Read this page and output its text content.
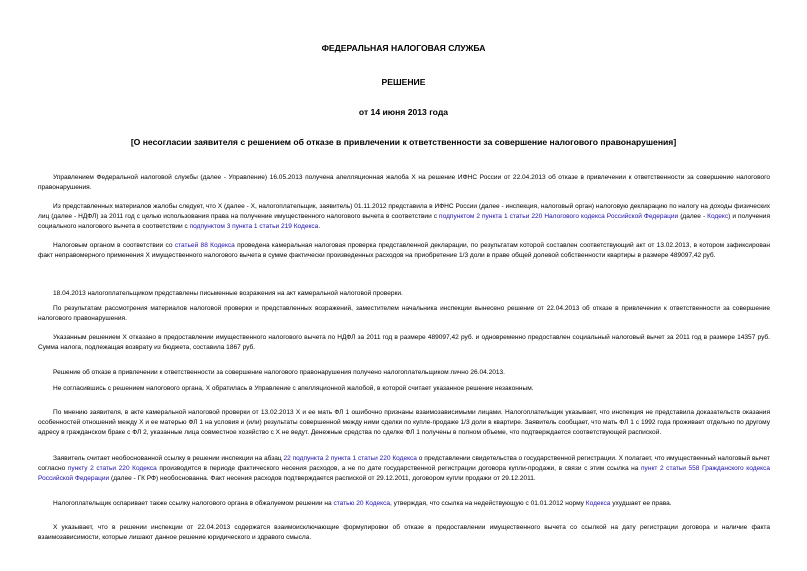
ФЕДЕРАЛЬНАЯ НАЛОГОВАЯ СЛУЖБА
РЕШЕНИЕ
от 14 июня 2013 года
[О несогласии заявителя с решением об отказе в привлечении к ответственности за совершение налогового правонарушения]

Управлением Федеральной налоговой службы (далее - Управление) 16.05.2013 получена апелляционная жалоба Х на решение ИФНС России от 22.04.2013 об отказе в привлечении к ответственности за совершение налогового правонарушения.

Из представленных материалов жалобы следует, что Х (далее - Х, налогоплательщик, заявитель) 01.11.2012 представила в ИФНС России (далее - инспекция, налоговый орган) налоговую декларацию по налогу на доходы физических лиц (далее - НДФЛ) за 2011 год с целью использования права на получение имущественного налогового вычета в соответствии с подпунктом 2 пункта 1 статьи 220 Налогового кодекса Российской Федерации (далее - Кодекс) и получения социального налогового вычета в соответствии с подпунктом 3 пункта 1 статьи 219 Кодекса.

Налоговым органом в соответствии со статьей 88 Кодекса проведена камеральная налоговая проверка представленной декларации, по результатам которой составлен соответствующий акт от 13.02.2013, в котором зафиксирован факт неправомерного применения Х имущественного налогового вычета в сумме фактически произведенных расходов на приобретение 1/3 доли в праве общей долевой собственности квартиры в размере 489097,42 руб.

18.04.2013 налогоплательщиком представлены письменные возражения на акт камеральной налоговой проверки.

По результатам рассмотрения материалов налоговой проверки и представленных возражений, заместителем начальника инспекции вынесено решение от 22.04.2013 об отказе в привлечении к ответственности за совершение налогового правонарушения.

Указанным решением Х отказано в предоставлении имущественного налогового вычета по НДФЛ за 2011 год в размере 489097,42 руб. и одновременно предоставлен социальный налоговый вычет за 2011 год в размере 14357 руб. Сумма налога, подлежащая возврату из бюджета, составила 1867 руб.

Решение об отказе в привлечении к ответственности за совершение налогового правонарушения получено налогоплательщиком лично 26.04.2013.

Не согласившись с решением налогового органа, Х обратилась в Управление с апелляционной жалобой, в которой считает указанное решение незаконным.

По мнению заявителя, в акте камеральной налоговой проверки от 13.02.2013 Х и ее мать ФЛ 1 ошибочно признаны взаимозависимыми лицами. Налогоплательщик указывает, что инспекция не представила доказательств оказания особенностей отношений между Х и ее матерью ФЛ 1 на условия и (или) результаты совершенной между ними сделки по купле-продаже 1/3 доли в квартире. Заявитель сообщает, что мать ФЛ 1 с 1992 года проживает отдельно по другому адресу в гражданском браке с ФЛ 2, указанные лица совместное хозяйство с Х не ведут. Денежные средства по сделке ФЛ 1 получены в полном объеме, что подтверждается соответствующей распиской.

Заявитель считает необоснованной ссылку в решении инспекции на абзац 22 подпункта 2 пункта 1 статьи 220 Кодекса о представлении свидетельства о государственной регистрации. Х полагает, что имущественный налоговый вычет согласно пункту 2 статьи 220 Кодекса производится в периоде фактического несения расходов, а не по дате государственной регистрации договора купли-продажи, в связи с этим ссылка на пункт 2 статьи 558 Гражданского кодекса Российской Федерации (далее - ГК РФ) необоснованна. Факт несения расходов подтверждается распиской от 29.12.2011, договором купли продажи от 29.12.2011.

Налогоплательщик оспаривает также ссылку налогового органа в обжалуемом решении на статью 20 Кодекса, утверждая, что ссылка на недействующую с 01.01.2012 норму Кодекса ухудшает ее права.

Х указывает, что в решении инспекции от 22.04.2013 содержатся взаимоисключающие формулировки об отказе в предоставлении имущественного вычета со ссылкой на дату регистрации договора и наличие факта взаимозависимости, которые лишают данное решение юридического и здравого смысла.
